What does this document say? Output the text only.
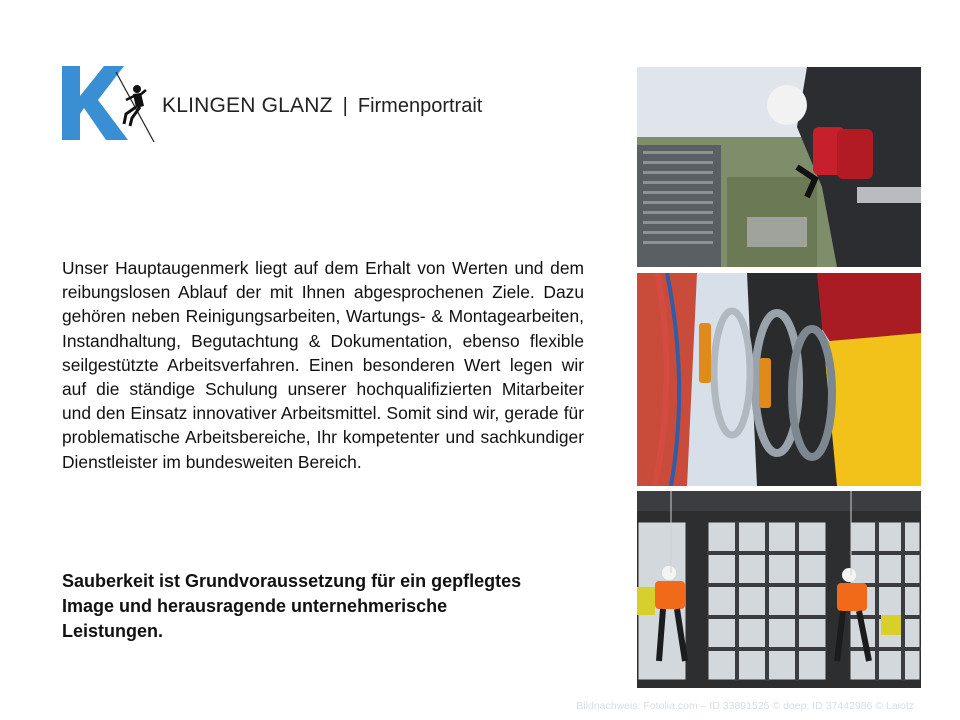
KLINGEN GLANZ | Firmenportrait

Unser Hauptaugenmerk liegt auf dem Erhalt von Werten und dem reibungslosen Ablauf der mit Ihnen abgesprochenen Ziele. Dazu gehören neben Reinigungsarbeiten, Wartungs- & Montagearbeiten, Instandhaltung, Begutachtung & Dokumentation, ebenso flexible seilgestützte Arbeitsverfahren. Einen besonderen Wert legen wir auf die ständige Schulung unserer hochqualifizierten Mitarbeiter und den Einsatz innovativer Arbeitsmittel. Somit sind wir, gerade für problematische Arbeitsbereiche, Ihr kompetenter und sachkundiger Dienstleister im bundesweiten Bereich.

Sauberkeit ist Grundvoraussetzung für ein gepflegtes Image und herausragende unternehmerische Leistungen.

Bildnachweis: Fotolia.com – ID 33891525 © doep, ID 37442986 © Laiotz
